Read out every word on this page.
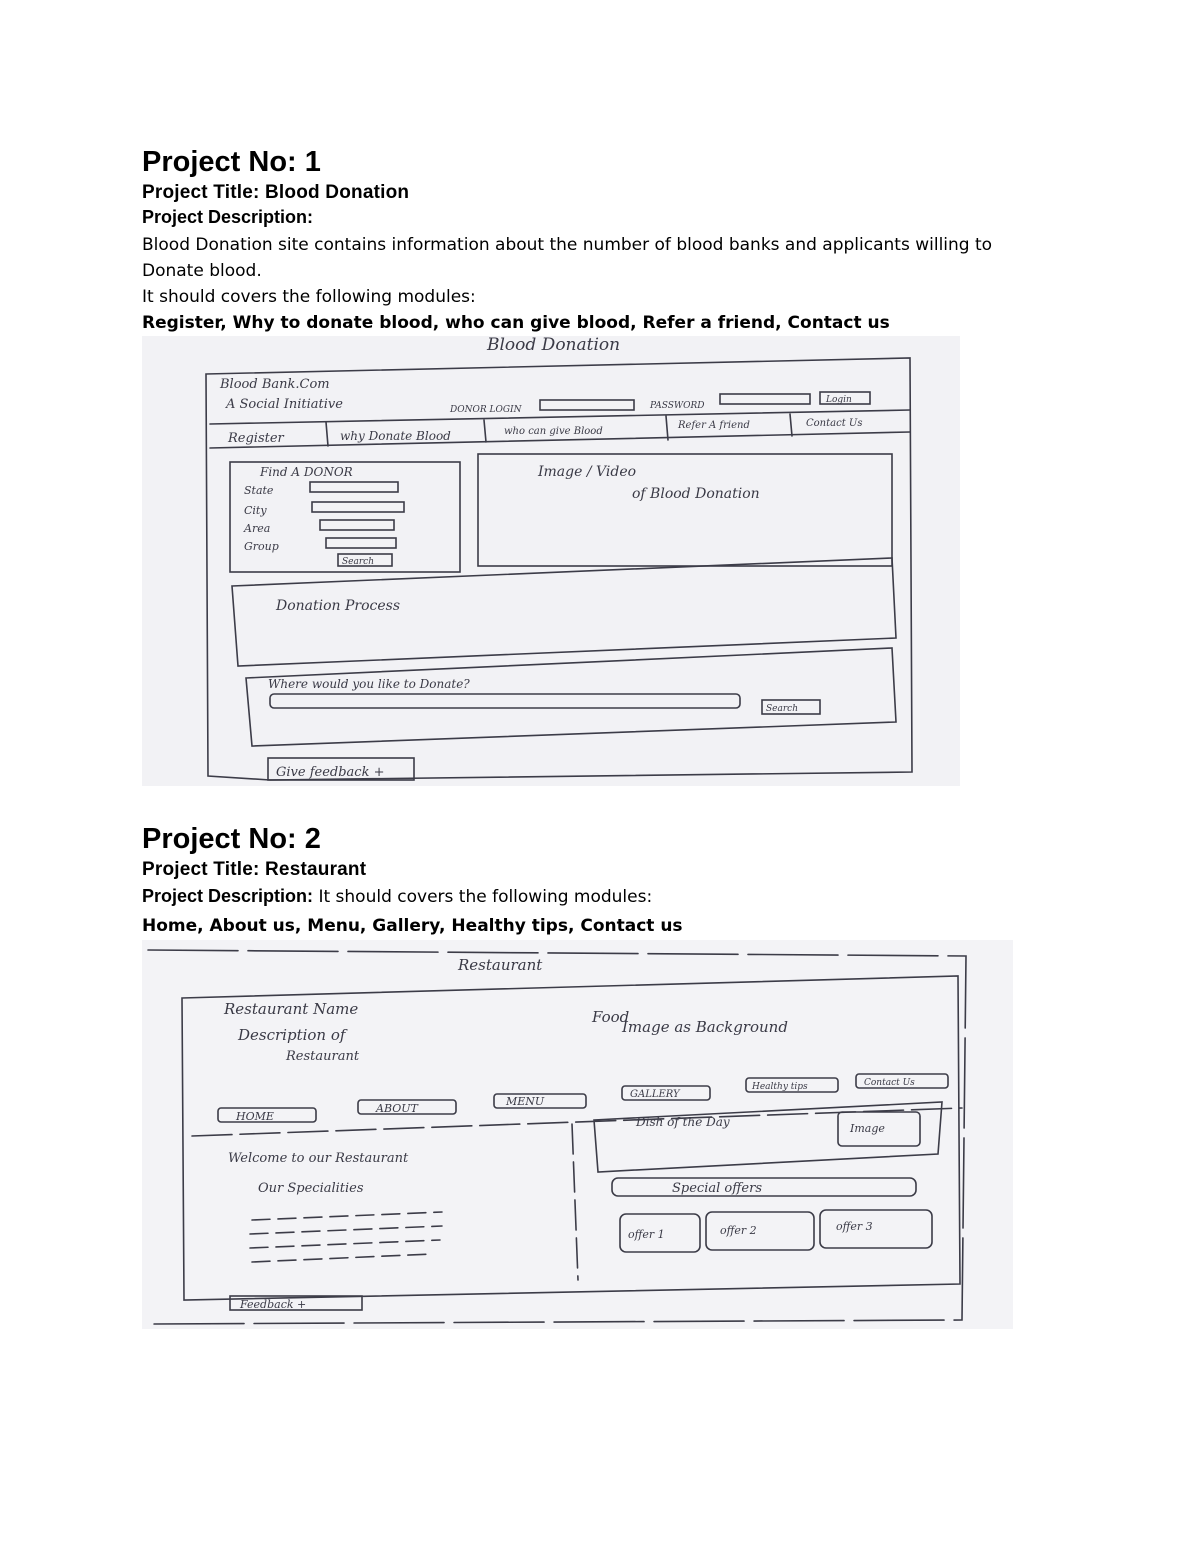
Project No: 1
Project Title: Blood Donation
Project Description:
Blood Donation site contains information about the number of blood banks and applicants willing to
Donate blood.
It should covers the following modules:
Register, Why to donate blood, who can give blood, Refer a friend, Contact us
Blood Donation
Blood Bank.Com
A Social Initiative	DONOR LOGIN	PASSWORD
Login
Register	why Donate Blood	who can give Blood
Refer A friend	Contact Us
Find A DONOR
State
City
Area
Group
Search
Image / Video
of Blood Donation
Donation Process
Where would you like to Donate?
Search
Give feedback +
Project No: 2
Project Title: Restaurant
Project Description: It should covers the following modules:
Home, About us, Menu, Gallery, Healthy tips, Contact us
Restaurant
Restaurant Name
Description of
Restaurant
Food
Image as Background
HOME
ABOUT
MENU
GALLERY
Healthy tips	Contact Us
Welcome to our Restaurant
Our Specialities
Dish of the Day	Image
Special offers
offer 1	offer 2	offer 3
Feedback +
